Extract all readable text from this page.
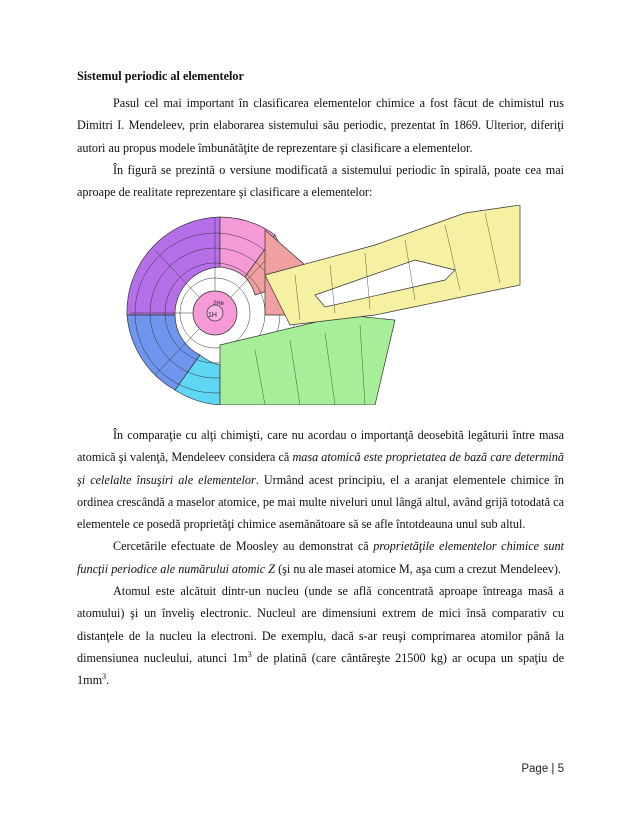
Sistemul periodic al elementelor

Pasul cel mai important în clasificarea elementelor chimice a fost făcut de chimistul rus Dimitri I. Mendeleev, prin elaborarea sistemului său periodic, prezentat în 1869. Ulterior, diferiţi autori au propus modele îmbunătăţite de reprezentare şi clasificare a elementelor.

În figură se prezintă o versiune modificată a sistemului periodic în spirală, poate cea mai aproape de realitate reprezentare şi clasificare a elementelor:

1H
2He

În comparaţie cu alţi chimişti, care nu acordau o importanţă deosebită legăturii între masa atomică şi valenţă, Mendeleev considera că masa atomică este proprietatea de bază care determină şi celelalte însuşiri ale elementelor. Urmând acest principiu, el a aranjat elementele chimice în ordinea crescândă a maselor atomice, pe mai multe niveluri unul lângă altul, având grijă totodată ca elementele ce posedă proprietăţi chimice asemănătoare să se afle întotdeauna unul sub altul.

Cercetările efectuate de Moosley au demonstrat că proprietăţile elementelor chimice sunt funcţii periodice ale numărului atomic Z (şi nu ale masei atomice M, aşa cum a crezut Mendeleev).

Atomul este alcătuit dintr-un nucleu (unde se află concentrată aproape întreaga masă a atomului) şi un înveliş electronic. Nucleul are dimensiuni extrem de mici însă comparativ cu distanţele de la nucleu la electroni. De exemplu, dacă s-ar reuşi comprimarea atomilor până la dimensiunea nucleului, atunci $1m^3$ de platină (care cântăreşte 21500 kg) ar ocupa un spaţiu de $1mm^3$.

Page | 5
